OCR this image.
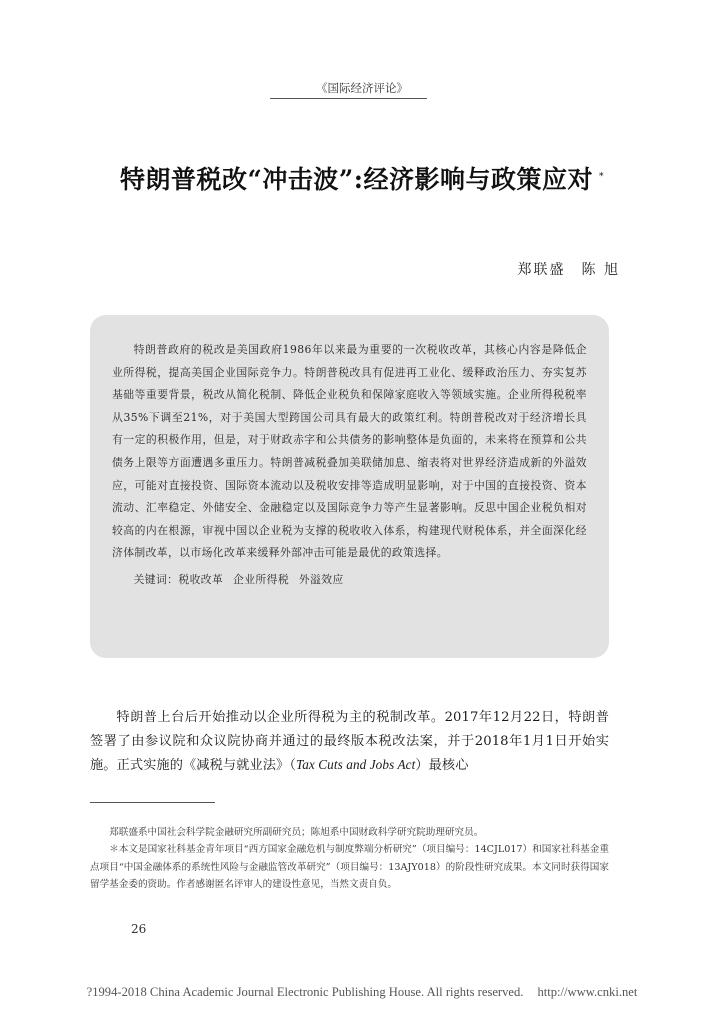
《国际经济评论》
特朗普税改“冲击波”:经济影响与政策应对 *
郑联盛 陈 旭

特朗普政府的税改是美国政府1986年以来最为重要的一次税收改革，其核心内容是降低企业所得税，提高美国企业国际竞争力。特朗普税改具有促进再工业化、缓释政治压力、夯实复苏基础等重要背景，税改从简化税制、降低企业税负和保障家庭收入等领域实施。企业所得税税率从35%下调至21%，对于美国大型跨国公司具有最大的政策红利。特朗普税改对于经济增长具有一定的积极作用，但是，对于财政赤字和公共债务的影响整体是负面的，未来将在预算和公共债务上限等方面遭遇多重压力。特朗普减税叠加美联储加息、缩表将对世界经济造成新的外溢效应，可能对直接投资、国际资本流动以及税收安排等造成明显影响，对于中国的直接投资、资本流动、汇率稳定、外储安全、金融稳定以及国际竞争力等产生显著影响。反思中国企业税负相对较高的内在根源，审视中国以企业税为支撑的税收收入体系，构建现代财税体系，并全面深化经济体制改革，以市场化改革来缓释外部冲击可能是最优的政策选择。

关键词：税收改革 企业所得税 外溢效应

特朗普上台后开始推动以企业所得税为主的税制改革。2017年12月22日，特朗普签署了由参议院和众议院协商并通过的最终版本税改法案，并于2018年1月1日开始实施。正式实施的《减税与就业法》（Tax Cuts and Jobs Act）最核心

郑联盛系中国社会科学院金融研究所副研究员；陈旭系中国财政科学研究院助理研究员。

＊本文是国家社科基金青年项目“西方国家金融危机与制度弊端分析研究”（项目编号：14CJL017）和国家社科基金重点项目“中国金融体系的系统性风险与金融监管改革研究”（项目编号：13AJY018）的阶段性研究成果。本文同时获得国家留学基金委的资助。作者感谢匿名评审人的建设性意见，当然文责自负。

26
?1994-2018 China Academic Journal Electronic Publishing House. All rights reserved. http://www.cnki.net
